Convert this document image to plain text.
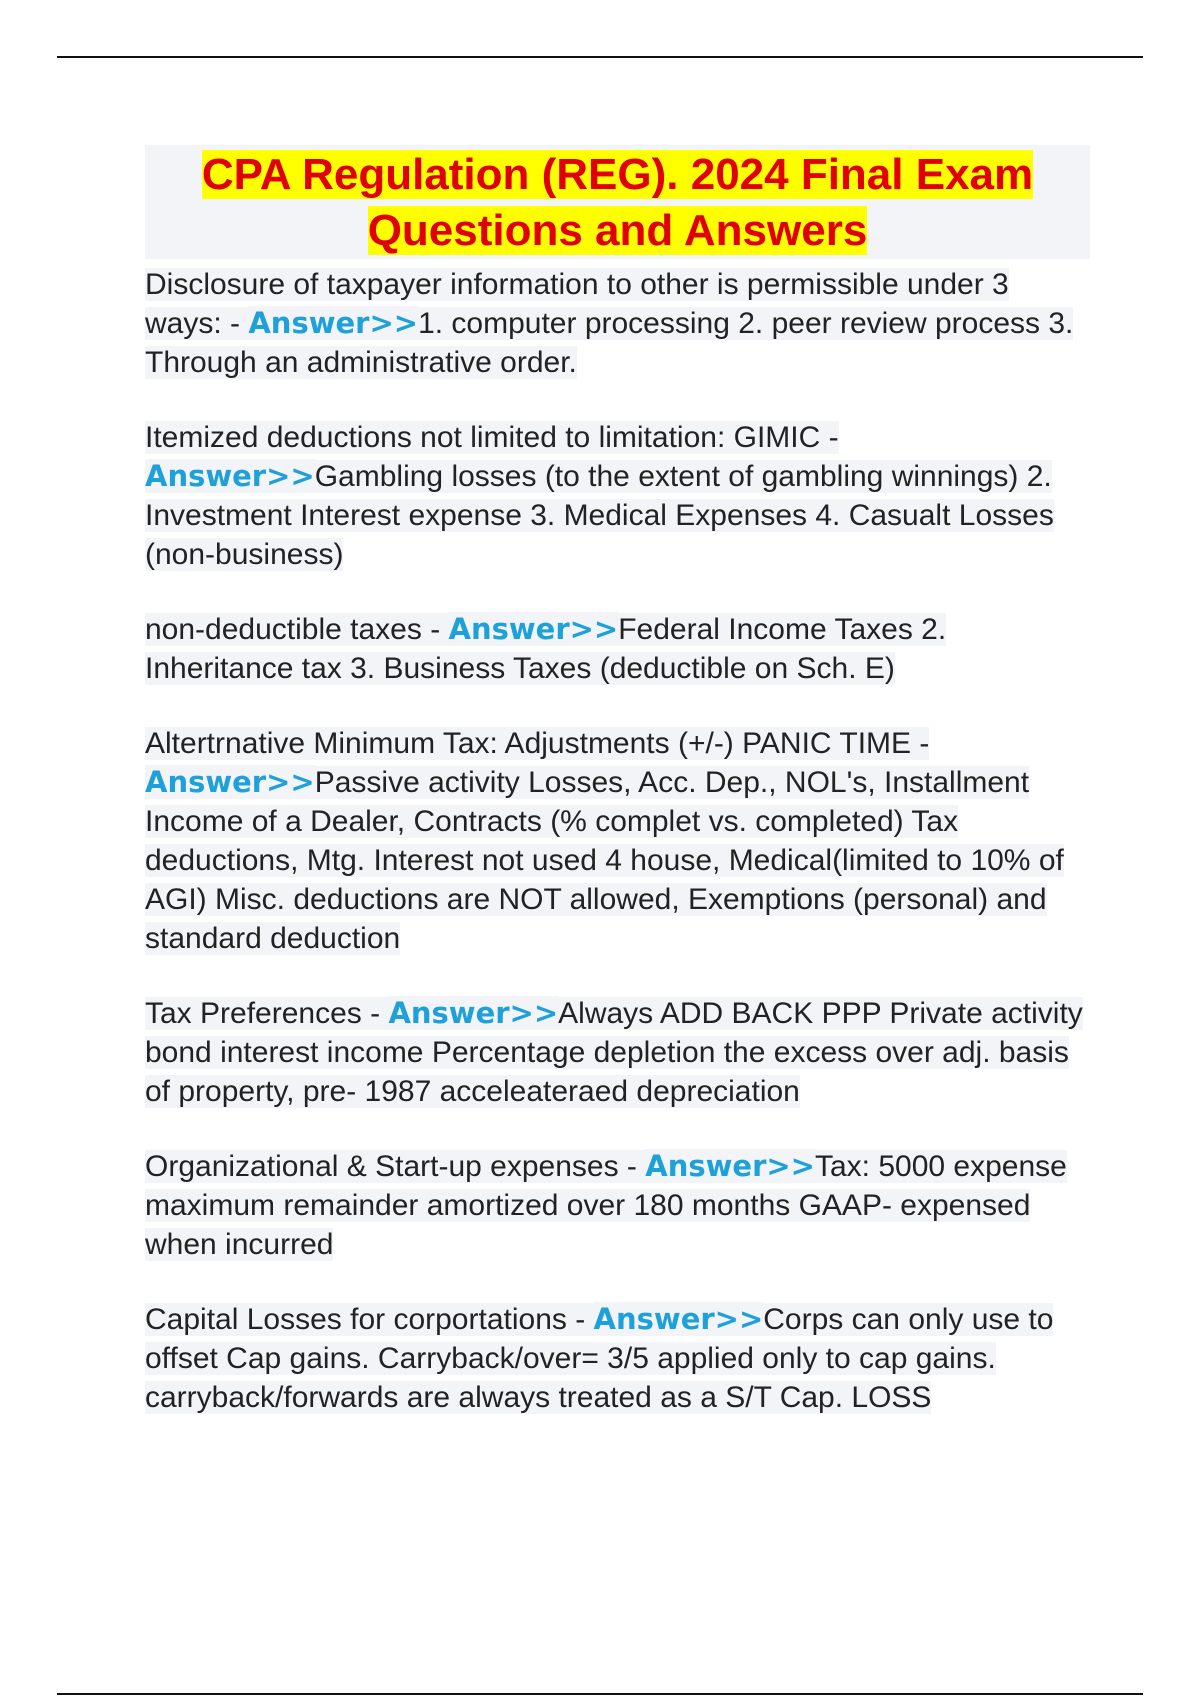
CPA Regulation (REG). 2024 Final Exam Questions and Answers

Disclosure of taxpayer information to other is permissible under 3 ways: - Answer>>1. computer processing 2. peer review process 3. Through an administrative order.

Itemized deductions not limited to limitation: GIMIC - Answer>>Gambling losses (to the extent of gambling winnings) 2. Investment Interest expense 3. Medical Expenses 4. Casualt Losses (non-business)

non-deductible taxes - Answer>>Federal Income Taxes 2. Inheritance tax 3. Business Taxes (deductible on Sch. E)

Altertrnative Minimum Tax: Adjustments (+/-) PANIC TIME - Answer>>Passive activity Losses, Acc. Dep., NOL's, Installment Income of a Dealer, Contracts (% complet vs. completed) Tax deductions, Mtg. Interest not used 4 house, Medical(limited to 10% of AGI) Misc. deductions are NOT allowed, Exemptions (personal) and standard deduction

Tax Preferences - Answer>>Always ADD BACK PPP Private activity bond interest income Percentage depletion the excess over adj. basis of property, pre- 1987 acceleateraed depreciation

Organizational & Start-up expenses - Answer>>Tax: 5000 expense maximum remainder amortized over 180 months GAAP- expensed when incurred

Capital Losses for corportations - Answer>>Corps can only use to offset Cap gains. Carryback/over= 3/5 applied only to cap gains. carryback/forwards are always treated as a S/T Cap. LOSS
